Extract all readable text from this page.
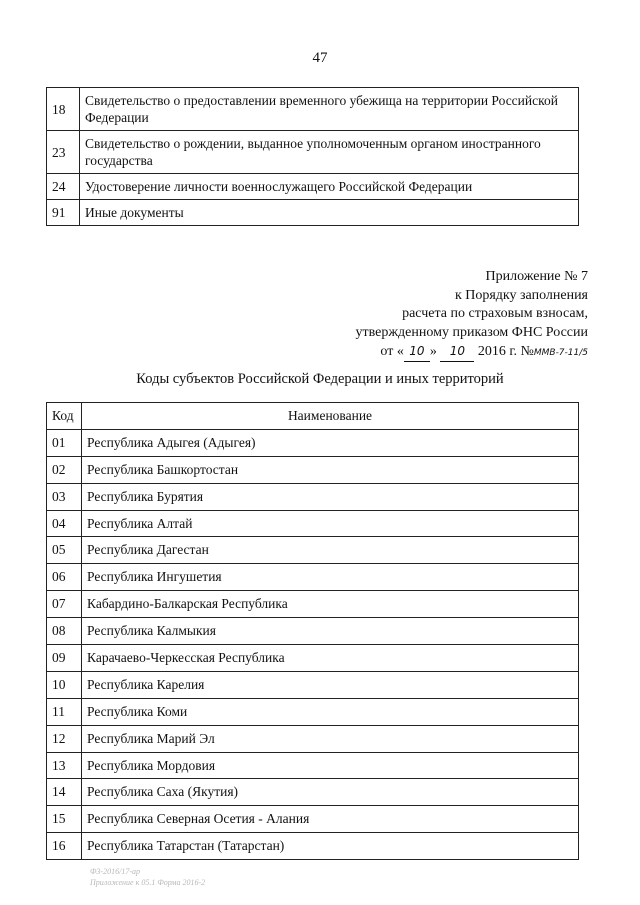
47
18	Свидетельство о предоставлении временного убежища на территории Российской Федерации
23	Свидетельство о рождении, выданное уполномоченным органом иностранного государства
24	Удостоверение личности военнослужащего Российской Федерации
91	Иные документы
Приложение № 7
к Порядку заполнения
расчета по страховым взносам,
утвержденному приказом ФНС России
от « 10 » 10 2016 г. №ММВ-7-11/5
Коды субъектов Российской Федерации и иных территорий
Код	Наименование
01	Республика Адыгея (Адыгея)
02	Республика Башкортостан
03	Республика Бурятия
04	Республика Алтай
05	Республика Дагестан
06	Республика Ингушетия
07	Кабардино-Балкарская Республика
08	Республика Калмыкия
09	Карачаево-Черкесская Республика
10	Республика Карелия
11	Республика Коми
12	Республика Марий Эл
13	Республика Мордовия
14	Республика Саха (Якутия)
15	Республика Северная Осетия - Алания
16	Республика Татарстан (Татарстан)
Ф3-2016/17-ар
Приложение к 05.1 Форма 2016-2
